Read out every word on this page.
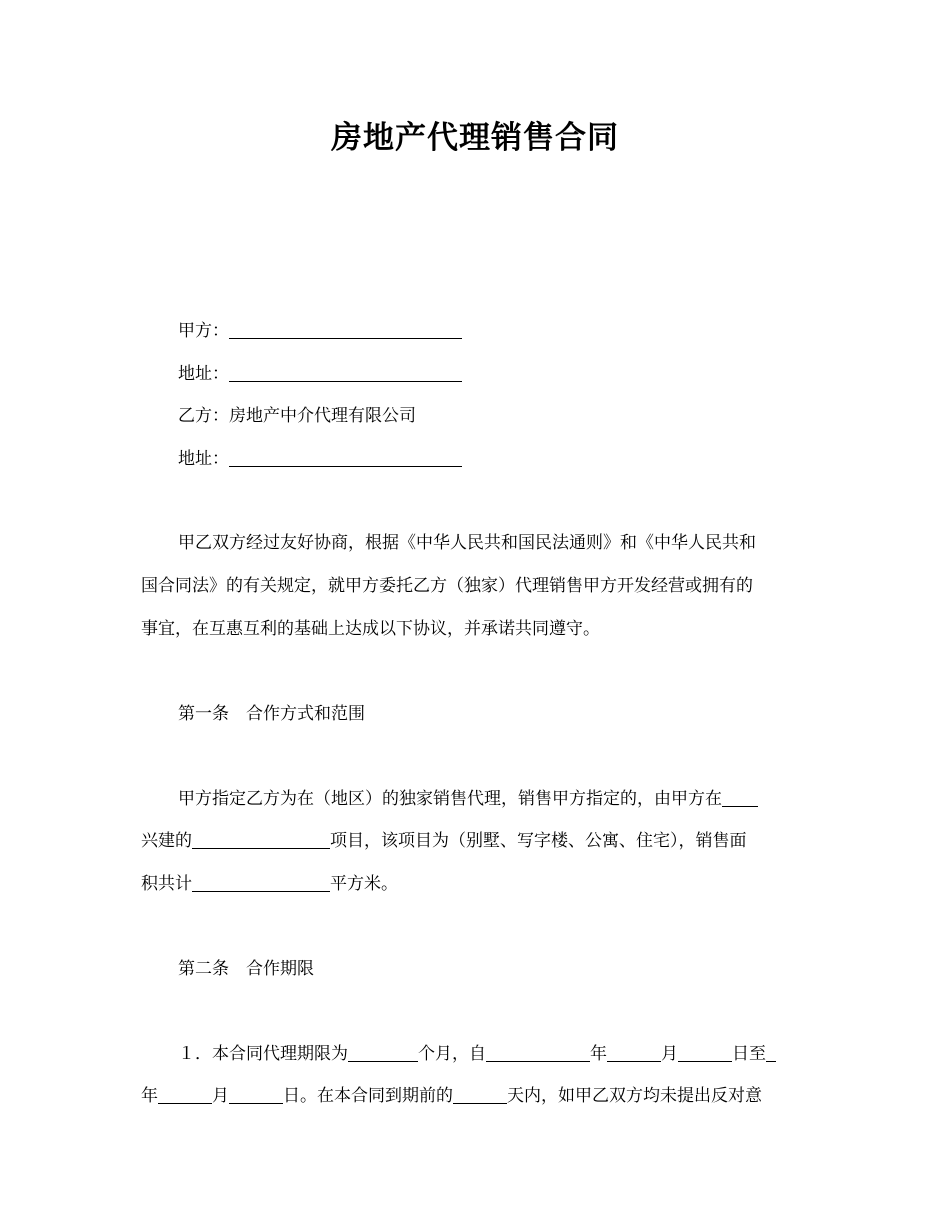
房地产代理销售合同
甲方：
地址：
乙方：房地产中介代理有限公司
地址：
甲乙双方经过友好协商，根据《中华人民共和国民法通则》和《中华人民共和
国合同法》的有关规定，就甲方委托乙方（独家）代理销售甲方开发经营或拥有的
事宜，在互惠互利的基础上达成以下协议，并承诺共同遵守。
第一条　合作方式和范围
甲方指定乙方为在（地区）的独家销售代理，销售甲方指定的，由甲方在
兴建的	项目，该项目为（别墅、写字楼、公寓、住宅），销售面
积共计	平方米。
第二条　合作期限
１．本合同代理期限为	个月，自	年	月	日至
年	月	日。在本合同到期前的	天内，如甲乙双方均未提出反对意
